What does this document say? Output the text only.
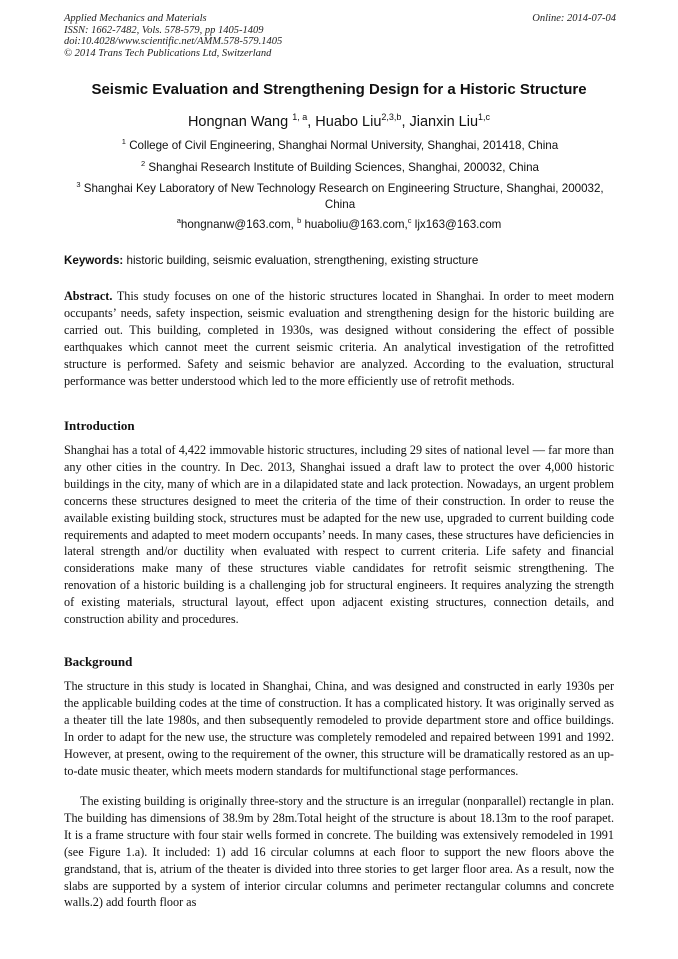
Applied Mechanics and Materials
ISSN: 1662-7482, Vols. 578-579, pp 1405-1409
doi:10.4028/www.scientific.net/AMM.578-579.1405
© 2014 Trans Tech Publications Ltd, Switzerland
Online: 2014-07-04
Seismic Evaluation and Strengthening Design for a Historic Structure
Hongnan Wang $^{1, a}$, Huabo Liu$^{2,3,b}$, Jianxin Liu$^{1,c}$
$^1$ College of Civil Engineering, Shanghai Normal University, Shanghai, 201418, China
$^2$ Shanghai Research Institute of Building Sciences, Shanghai, 200032, China
$^3$ Shanghai Key Laboratory of New Technology Research on Engineering Structure, Shanghai, 200032, China
$^a$hongnanw@163.com, $^b$ huaboliu@163.com,$^c$ ljx163@163.com
Keywords: historic building, seismic evaluation, strengthening, existing structure
Abstract. This study focuses on one of the historic structures located in Shanghai. In order to meet modern occupants’ needs, safety inspection, seismic evaluation and strengthening design for the historic building are carried out. This building, completed in 1930s, was designed without considering the effect of possible earthquakes which cannot meet the current seismic criteria. An analytical investigation of the retrofitted structure is performed. Safety and seismic behavior are analyzed. According to the evaluation, structural performance was better understood which led to the more efficiently use of retrofit methods.
Introduction
Shanghai has a total of 4,422 immovable historic structures, including 29 sites of national level — far more than any other cities in the country. In Dec. 2013, Shanghai issued a draft law to protect the over 4,000 historic buildings in the city, many of which are in a dilapidated state and lack protection. Nowadays, an urgent problem concerns these structures designed to meet the criteria of the time of their construction. In order to reuse the available existing building stock, structures must be adapted for the new use, upgraded to current building code requirements and adapted to meet modern occupants’ needs. In many cases, these structures have deficiencies in lateral strength and/or ductility when evaluated with respect to current criteria. Life safety and financial considerations make many of these structures viable candidates for retrofit seismic strengthening. The renovation of a historic building is a challenging job for structural engineers. It requires analyzing the strength of existing materials, structural layout, effect upon adjacent existing structures, connection details, and construction ability and procedures.
Background
The structure in this study is located in Shanghai, China, and was designed and constructed in early 1930s per the applicable building codes at the time of construction. It has a complicated history. It was originally served as a theater till the late 1980s, and then subsequently remodeled to provide department store and office buildings. In order to adapt for the new use, the structure was completely remodeled and repaired between 1991 and 1992. However, at present, owing to the requirement of the owner, this structure will be dramatically restored as an up-to-date music theater, which meets modern standards for multifunctional stage performances.
The existing building is originally three-story and the structure is an irregular (nonparallel) rectangle in plan. The building has dimensions of 38.9m by 28m.Total height of the structure is about 18.13m to the roof parapet. It is a frame structure with four stair wells formed in concrete. The building was extensively remodeled in 1991 (see Figure 1.a). It included: 1) add 16 circular columns at each floor to support the new floors above the grandstand, that is, atrium of the theater is divided into three stories to get larger floor area. As a result, now the slabs are supported by a system of interior circular columns and perimeter rectangular columns and concrete walls.2) add fourth floor as
